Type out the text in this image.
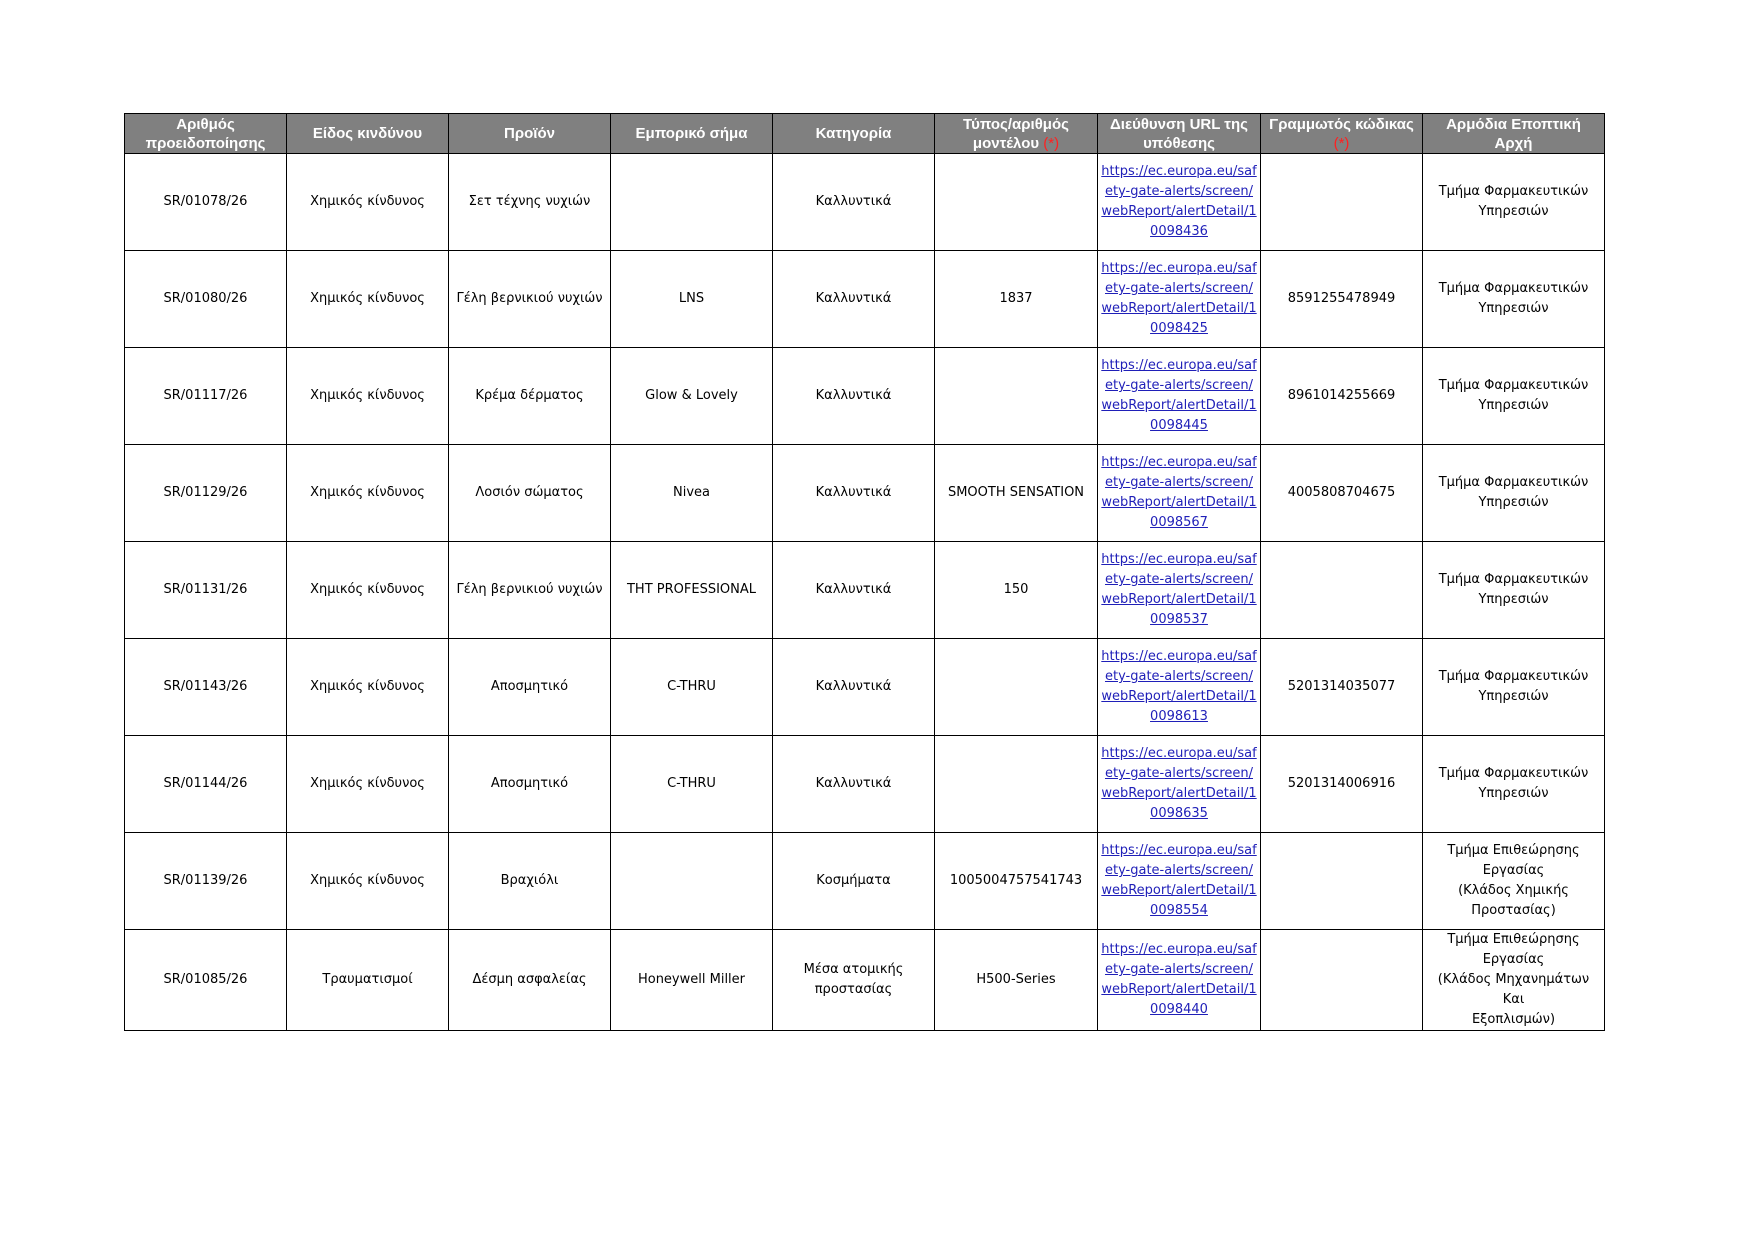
Αριθμός προειδοποίησης	Είδος κινδύνου	Προϊόν	Εμπορικό σήμα	Κατηγορία	Τύπος/αριθμός μοντέλου (*)	Διεύθυνση URL της υπόθεσης	Γραμμωτός κώδικας (*)	Αρμόδια Εποπτική Αρχή
SR/01078/26	Χημικός κίνδυνος	Σετ τέχνης νυχιών		Καλλυντικά		https://ec.europa.eu/safety-gate-alerts/screen/webReport/alertDetail/10098436		Τμήμα Φαρμακευτικών
Υπηρεσιών

SR/01080/26	Χημικός κίνδυνος	Γέλη βερνικιού νυχιών	LNS	Καλλυντικά	1837	https://ec.europa.eu/safety-gate-alerts/screen/webReport/alertDetail/10098425	8591255478949	Τμήμα Φαρμακευτικών
Υπηρεσιών

SR/01117/26	Χημικός κίνδυνος	Κρέμα δέρματος	Glow & Lovely	Καλλυντικά		https://ec.europa.eu/safety-gate-alerts/screen/webReport/alertDetail/10098445	8961014255669	Τμήμα Φαρμακευτικών
Υπηρεσιών

SR/01129/26	Χημικός κίνδυνος	Λοσιόν σώματος	Nivea	Καλλυντικά	SMOOTH SENSATION	https://ec.europa.eu/safety-gate-alerts/screen/webReport/alertDetail/10098567	4005808704675	Τμήμα Φαρμακευτικών
Υπηρεσιών

SR/01131/26	Χημικός κίνδυνος	Γέλη βερνικιού νυχιών	THT PROFESSIONAL	Καλλυντικά	150	https://ec.europa.eu/safety-gate-alerts/screen/webReport/alertDetail/10098537		Τμήμα Φαρμακευτικών
Υπηρεσιών

SR/01143/26	Χημικός κίνδυνος	Αποσμητικό	C-THRU	Καλλυντικά		https://ec.europa.eu/safety-gate-alerts/screen/webReport/alertDetail/10098613	5201314035077	Τμήμα Φαρμακευτικών
Υπηρεσιών

SR/01144/26	Χημικός κίνδυνος	Αποσμητικό	C-THRU	Καλλυντικά		https://ec.europa.eu/safety-gate-alerts/screen/webReport/alertDetail/10098635	5201314006916	Τμήμα Φαρμακευτικών
Υπηρεσιών

SR/01139/26	Χημικός κίνδυνος	Βραχιόλι		Κοσμήματα	1005004757541743	https://ec.europa.eu/safety-gate-alerts/screen/webReport/alertDetail/10098554		Τμήμα Επιθεώρησης
Εργασίας
(Κλάδος Χημικής
Προστασίας)

SR/01085/26	Τραυματισμοί	Δέσμη ασφαλείας	Honeywell Miller	Μέσα ατομικής προστασίας	H500-Series	https://ec.europa.eu/safety-gate-alerts/screen/webReport/alertDetail/10098440		Τμήμα Επιθεώρησης
Εργασίας
(Κλάδος Μηχανημάτων Και
Εξοπλισμών)
